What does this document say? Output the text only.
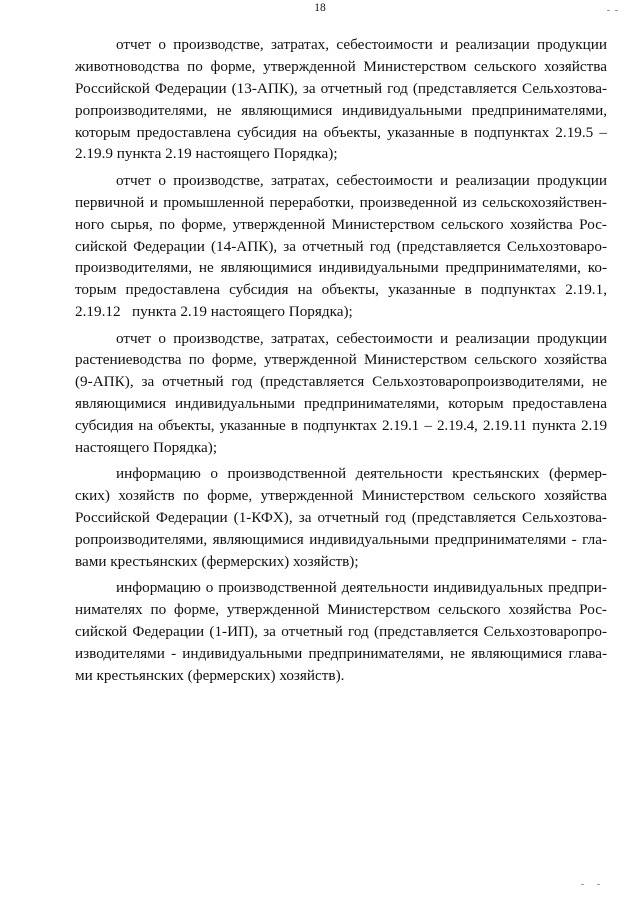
18
отчет о производстве, затратах, себестоимости и реализации продукции
животноводства по форме, утвержденной Министерством сельского хозяйства
Российской Федерации (13-АПК), за отчетный год (представляется Сельхозтова-
ропроизводителями, не являющимися индивидуальными предпринимателями,
которым предоставлена субсидия на объекты, указанные в подпунктах 2.19.5 –
2.19.9 пункта 2.19 настоящего Порядка);
отчет о производстве, затратах, себестоимости и реализации продукции
первичной и промышленной переработки, произведенной из сельскохозяйствен-
ного сырья, по форме, утвержденной Министерством сельского хозяйства Рос-
сийской Федерации (14-АПК), за отчетный год (представляется Сельхозтоваро-
производителями, не являющимися индивидуальными предпринимателями, ко-
торым предоставлена субсидия на объекты, указанные в подпунктах 2.19.1,
2.19.12   пункта 2.19 настоящего Порядка);
отчет о производстве, затратах, себестоимости и реализации продукции
растениеводства по форме, утвержденной Министерством сельского хозяйства
(9-АПК), за отчетный год (представляется Сельхозтоваропроизводителями, не
являющимися индивидуальными предпринимателями, которым предоставлена
субсидия на объекты, указанные в подпунктах 2.19.1 – 2.19.4, 2.19.11 пункта 2.19
настоящего Порядка);
информацию о производственной деятельности крестьянских (фермер-
ских) хозяйств по форме, утвержденной Министерством сельского хозяйства
Российской Федерации (1-КФХ), за отчетный год (представляется Сельхозтова-
ропроизводителями, являющимися индивидуальными предпринимателями - гла-
вами крестьянских (фермерских) хозяйств);
информацию о производственной деятельности индивидуальных предпри-
нимателях по форме, утвержденной Министерством сельского хозяйства Рос-
сийской Федерации (1-ИП), за отчетный год (представляется Сельхозтоваропро-
изводителями - индивидуальными предпринимателями, не являющимися глава-
ми крестьянских (фермерских) хозяйств).
